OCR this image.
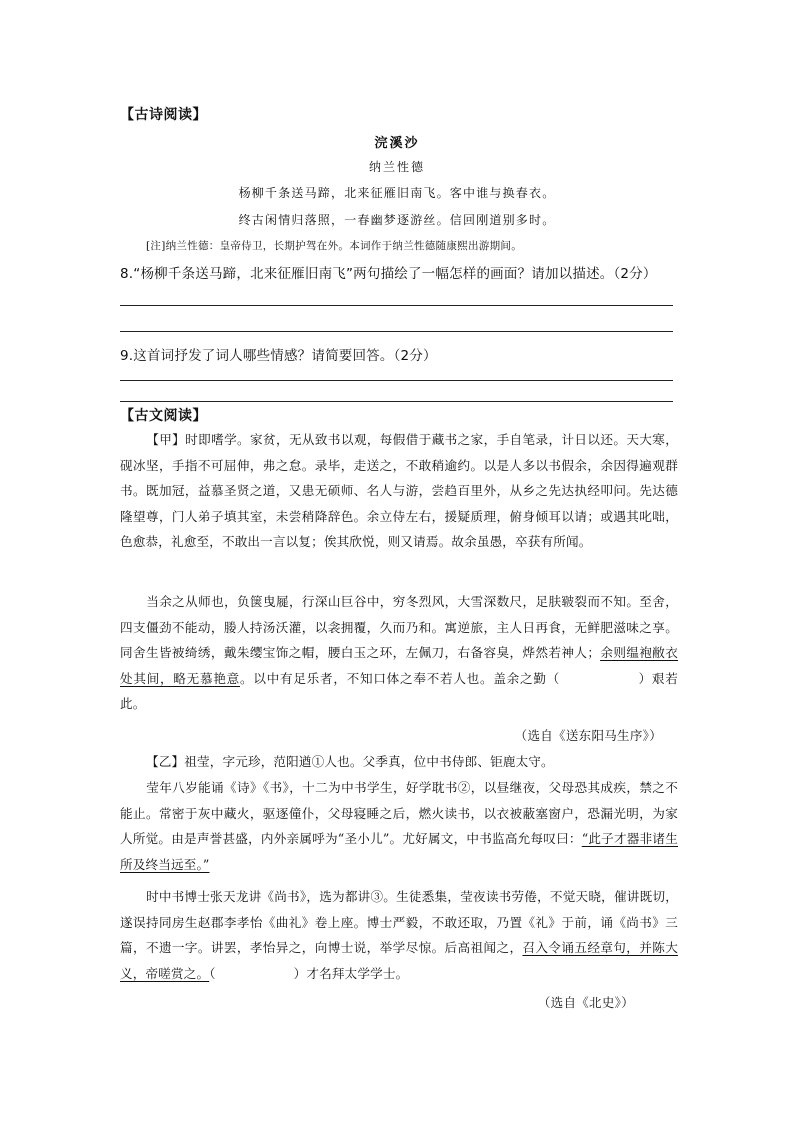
【古诗阅读】
浣溪沙
纳兰性德
杨柳千条送马蹄，北来征雁旧南飞。客中谁与换春衣。
终古闲情归落照，一春幽梦逐游丝。信回刚道别多时。
[注]纳兰性德：皇帝侍卫，长期护驾在外。本词作于纳兰性德随康熙出游期间。
8.“杨柳千条送马蹄，北来征雁旧南飞”两句描绘了一幅怎样的画面？请加以描述。（2分）
9.这首词抒发了词人哪些情感？请简要回答。（2分）
【古文阅读】
【甲】时即嗜学。家贫，无从致书以观，每假借于藏书之家，手自笔录，计日以还。天大寒，砚冰坚，手指不可屈伸，弗之怠。录毕，走送之，不敢稍逾约。以是人多以书假余，余因得遍观群书。既加冠，益慕圣贤之道，又患无硕师、名人与游，尝趋百里外，从乡之先达执经叩问。先达德隆望尊，门人弟子填其室，未尝稍降辞色。余立侍左右，援疑质理，俯身倾耳以请；或遇其叱咄，色愈恭，礼愈至，不敢出一言以复；俟其欣悦，则又请焉。故余虽愚，卒获有所闻。
当余之从师也，负箧曳屣，行深山巨谷中，穷冬烈风，大雪深数尺，足肤皲裂而不知。至舍，四支僵劲不能动，媵人持汤沃灌，以衾拥覆，久而乃和。寓逆旅，主人日再食，无鲜肥滋味之享。同舍生皆被绮绣，戴朱缨宝饰之帽，腰白玉之环，左佩刀，右备容臭，烨然若神人；余则缊袍敝衣处其间，略无慕艳意。以中有足乐者，不知口体之奉不若人也。盖余之勤（	）艰若此。
（选自《送东阳马生序》）
【乙】祖莹，字元珍，范阳遒①人也。父季真，位中书侍郎、钜鹿太守。
莹年八岁能诵《诗》《书》，十二为中书学生，好学耽书②，以昼继夜，父母恐其成疾，禁之不能止。常密于灰中藏火，驱逐僮仆，父母寝睡之后，燃火读书，以衣被蔽塞窗户，恐漏光明，为家人所觉。由是声誉甚盛，内外亲属呼为“圣小儿”。尤好属文，中书监高允每叹曰：“此子才器非诸生所及终当远至。”
时中书博士张天龙讲《尚书》，选为都讲③。生徒悉集，莹夜读书劳倦，不觉天晓，催讲既切，遂误持同房生赵郡李孝怡《曲礼》卷上座。博士严毅，不敢还取，乃置《礼》于前，诵《尚书》三篇，不遗一字。讲罢，孝怡异之，向博士说，举学尽惊。后高祖闻之，召入令诵五经章句，并陈大义，帝嗟赏之。（	）才名拜太学学士。
（选自《北史》）
